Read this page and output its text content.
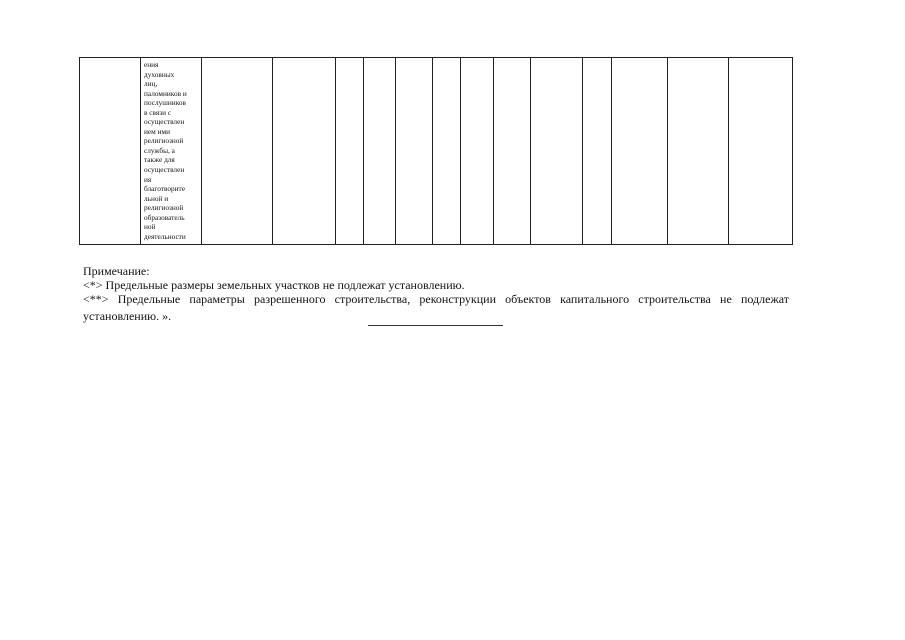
ения
духовных
лиц,
паломников и
послушников
в связи с
осуществлен
ием ими
религиозной
службы, а
также для
осуществлен
ия
благотворите
льной и
религиозной
образователь
ной
деятельности
Примечание:
<*> Предельные размеры земельных участков не подлежат установлению.
<**> Предельные параметры разрешенного строительства, реконструкции объектов капитального строительства не подлежат
установлению. ».
